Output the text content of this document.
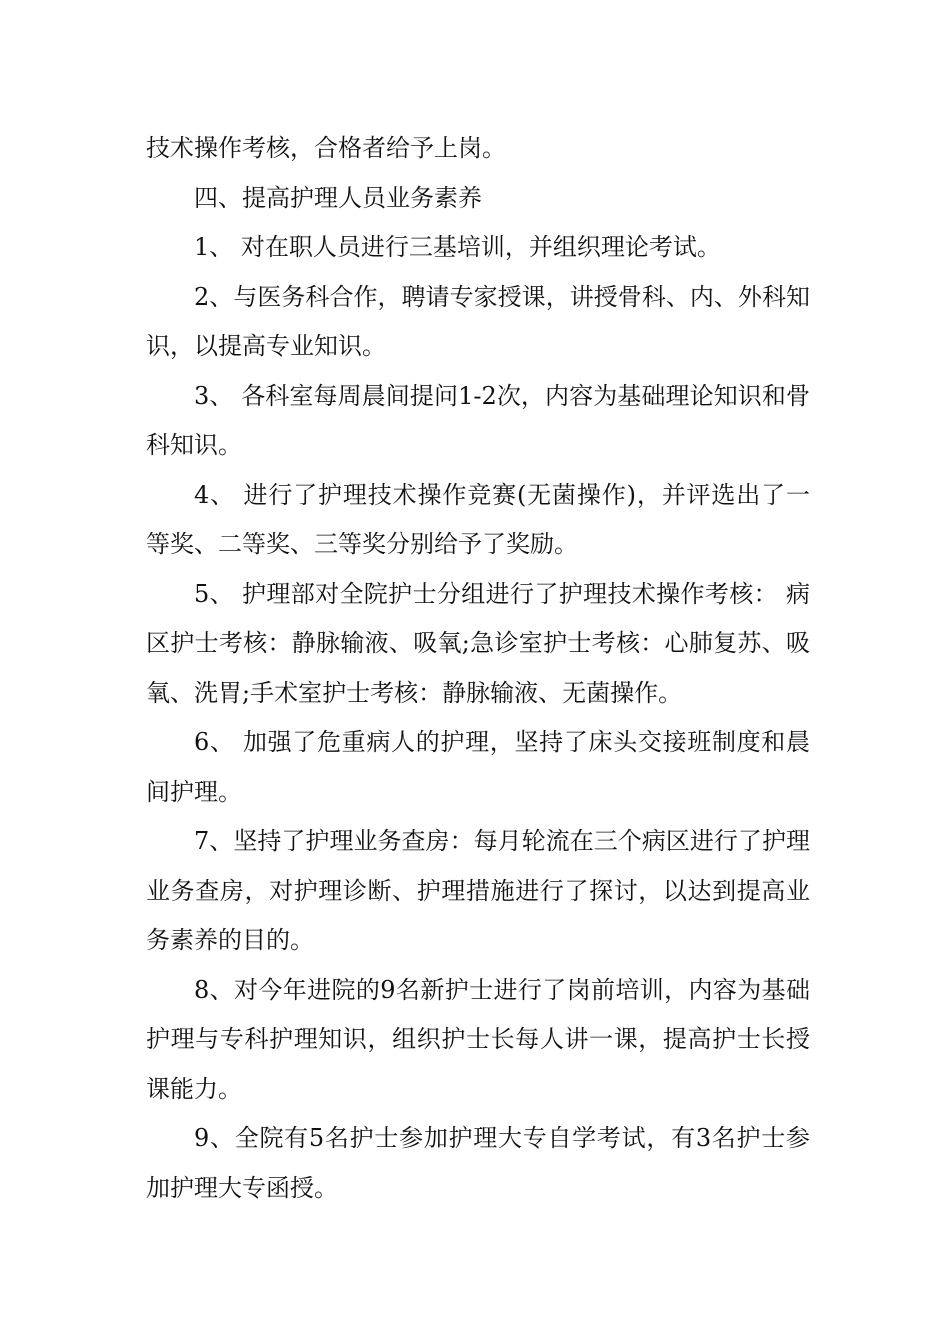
技术操作考核，合格者给予上岗。

四、提高护理人员业务素养

1、 对在职人员进行三基培训，并组织理论考试。

2、与医务科合作，聘请专家授课，讲授骨科、内、外科知识，以提高专业知识。

3、 各科室每周晨间提问1-2次，内容为基础理论知识和骨科知识。

4、 进行了护理技术操作竞赛(无菌操作)，并评选出了一等奖、二等奖、三等奖分别给予了奖励。

5、 护理部对全院护士分组进行了护理技术操作考核： 病区护士考核：静脉输液、吸氧;急诊室护士考核：心肺复苏、吸氧、洗胃;手术室护士考核：静脉输液、无菌操作。

6、 加强了危重病人的护理，坚持了床头交接班制度和晨间护理。

7、坚持了护理业务查房：每月轮流在三个病区进行了护理业务查房，对护理诊断、护理措施进行了探讨，以达到提高业务素养的目的。

8、对今年进院的9名新护士进行了岗前培训，内容为基础护理与专科护理知识，组织护士长每人讲一课，提高护士长授课能力。

9、全院有5名护士参加护理大专自学考试，有3名护士参加护理大专函授。
